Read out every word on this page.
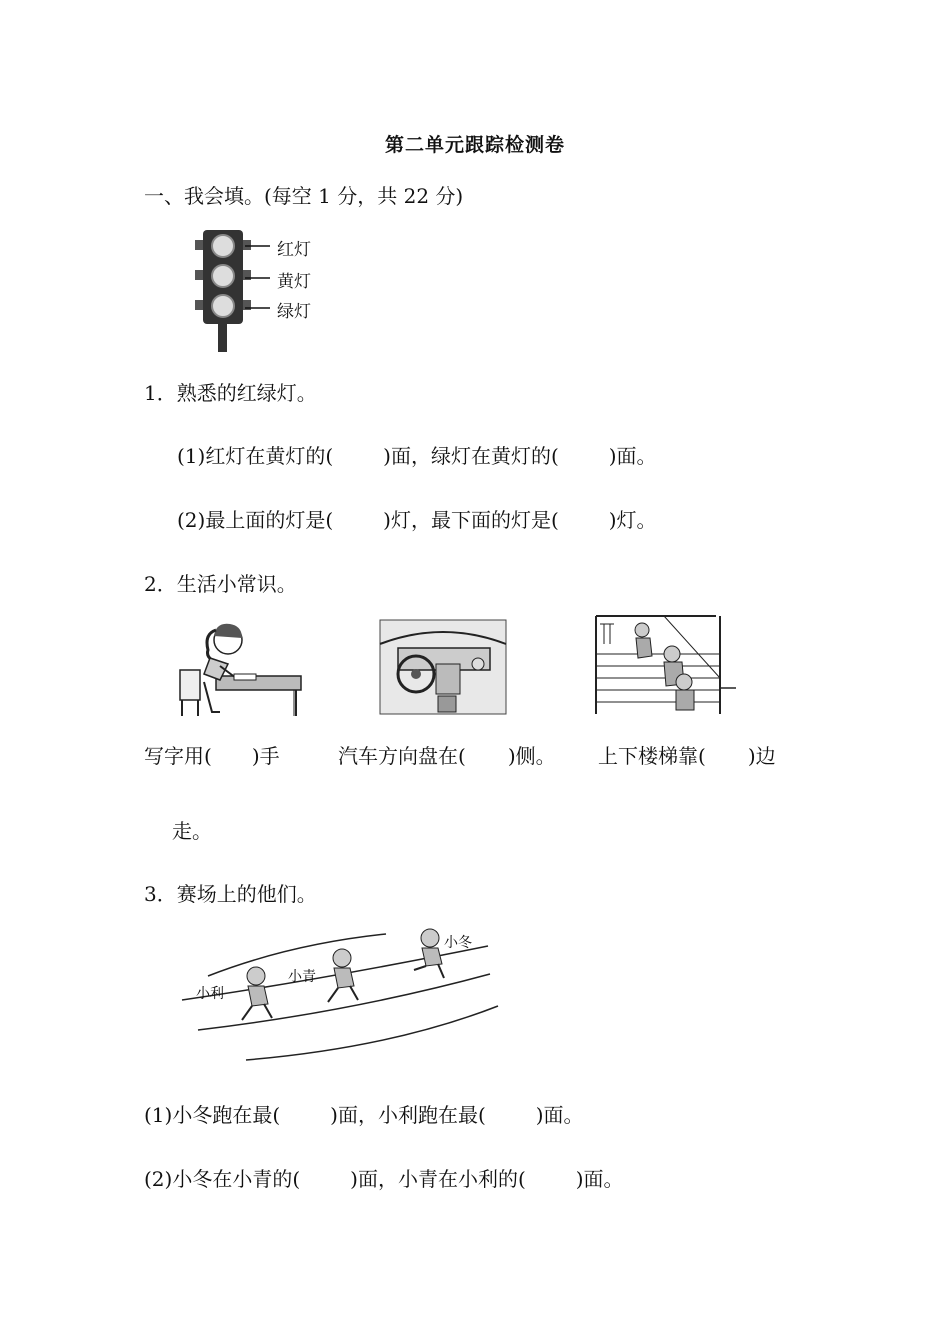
第二单元跟踪检测卷
一、我会填。(每空 1 分，共 22 分)
红灯
黄灯
绿灯
1．熟悉的红绿灯。
(1)红灯在黄灯的(	)面，绿灯在黄灯的(	)面。
(2)最上面的灯是(	)灯，最下面的灯是(	)灯。
2．生活小常识。
写字用( )手	汽车方向盘在( )侧。 上下楼梯靠( )边
走。
3．赛场上的他们。
小利
小青
小冬
(1)小冬跑在最(	)面，小利跑在最(	)面。
(2)小冬在小青的(	)面，小青在小利的(	)面。
